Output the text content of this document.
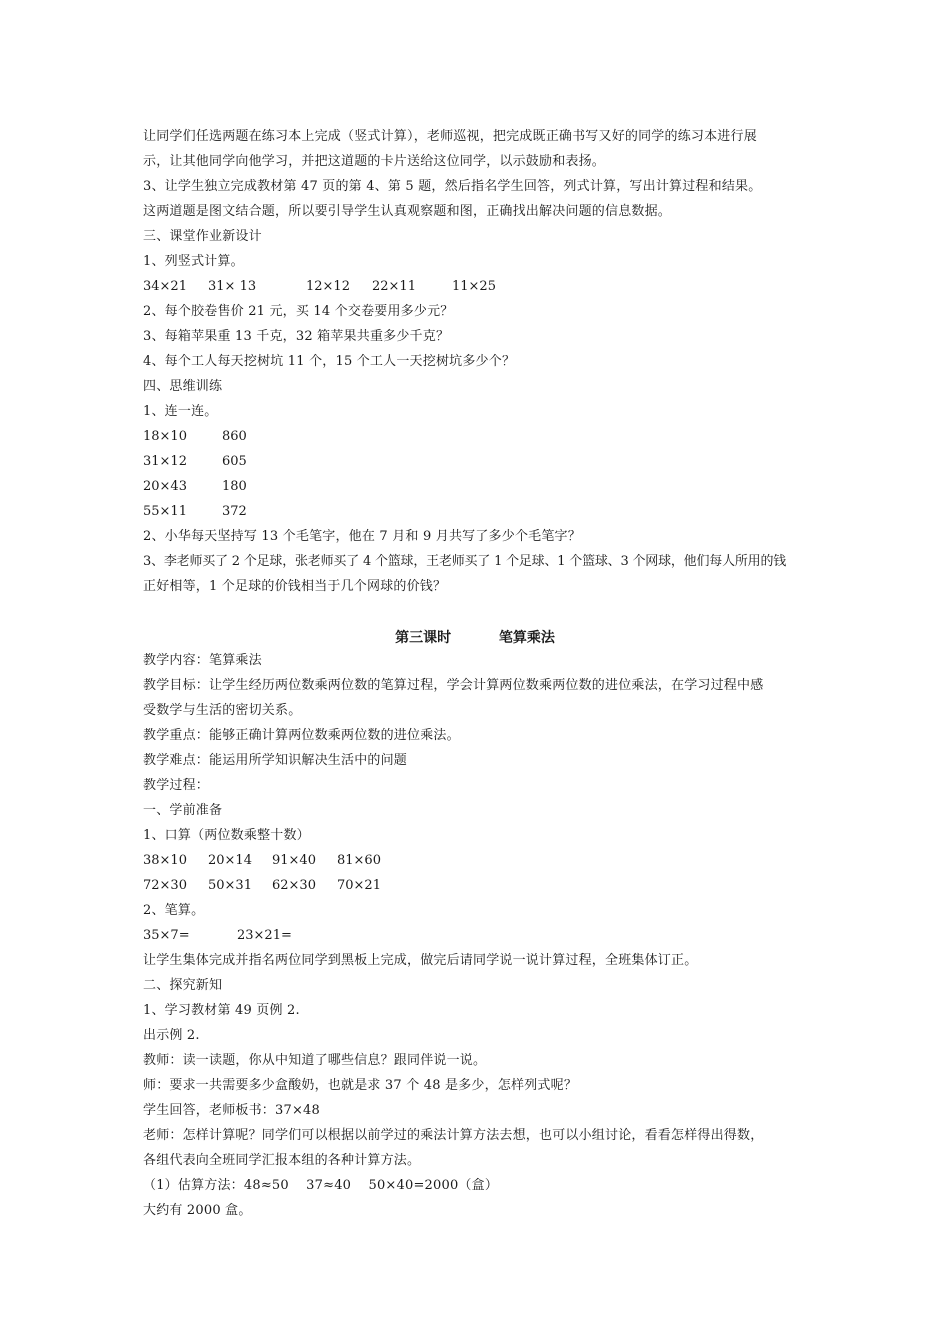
让同学们任选两题在练习本上完成（竖式计算），老师巡视，把完成既正确书写又好的同学的练习本进行展
示，让其他同学向他学习，并把这道题的卡片送给这位同学，以示鼓励和表扬。
3、让学生独立完成教材第 47 页的第 4、第 5 题，然后指名学生回答，列式计算，写出计算过程和结果。
这两道题是图文结合题，所以要引导学生认真观察题和图，正确找出解决问题的信息数据。
三、课堂作业新设计
1、列竖式计算。
34×21 31× 13	12×12 22×11	11×25
2、每个胶卷售价 21 元，买 14 个交卷要用多少元？
3、每箱苹果重 13 千克，32 箱苹果共重多少千克？
4、每个工人每天挖树坑 11 个，15 个工人一天挖树坑多少个？
四、思维训练
1、连一连。
18×10	860
31×12	605
20×43	180
55×11	372
2、小华每天坚持写 13 个毛笔字，他在 7 月和 9 月共写了多少个毛笔字？
3、李老师买了 2 个足球，张老师买了 4 个篮球，王老师买了 1 个足球、1 个篮球、3 个网球，他们每人所用的钱
正好相等，1 个足球的价钱相当于几个网球的价钱？
第三课时	笔算乘法
教学内容：笔算乘法
教学目标：让学生经历两位数乘两位数的笔算过程，学会计算两位数乘两位数的进位乘法，在学习过程中感
受数学与生活的密切关系。
教学重点：能够正确计算两位数乘两位数的进位乘法。
教学难点：能运用所学知识解决生活中的问题
教学过程：
一、学前准备
1、口算（两位数乘整十数）
38×10 20×14 91×40 81×60
72×30 50×31 62×30 70×21
2、笔算。
35×7=	23×21=
让学生集体完成并指名两位同学到黑板上完成，做完后请同学说一说计算过程，全班集体订正。
二、探究新知
1、学习教材第 49 页例 2.
出示例 2.
教师：读一读题，你从中知道了哪些信息？跟同伴说一说。
师：要求一共需要多少盒酸奶，也就是求 37 个 48 是多少，怎样列式呢？
学生回答，老师板书：37×48
老师：怎样计算呢？同学们可以根据以前学过的乘法计算方法去想，也可以小组讨论，看看怎样得出得数，
各组代表向全班同学汇报本组的各种计算方法。
（1）估算方法：48≈50    37≈40    50×40=2000（盒）
大约有 2000 盒。
